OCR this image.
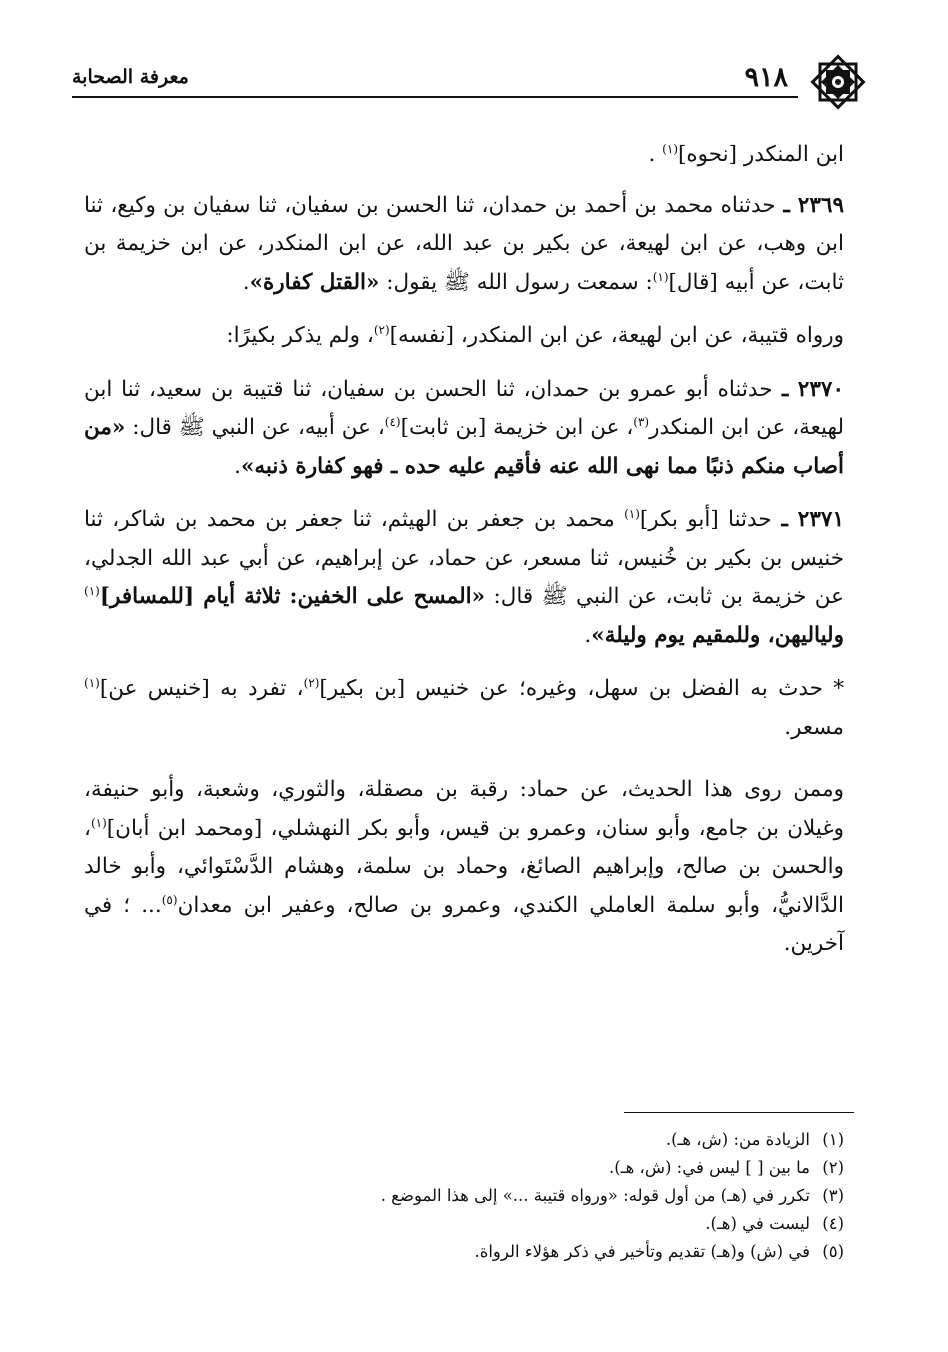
٩١٨
معرفة الصحابة

ابن المنكدر [نحوه]$^{(١)}$ .

٢٣٦٩ ـ حدثناه محمد بن أحمد بن حمدان، ثنا الحسن بن سفيان، ثنا سفيان بن وكيع، ثنا ابن وهب، عن ابن لهيعة، عن بكير بن عبد الله، عن ابن المنكدر، عن ابن خزيمة بن ثابت، عن أبيه [قال]$^{(١)}$: سمعت رسول الله ﷺ يقول: «القتل كفارة».

ورواه قتيبة، عن ابن لهيعة، عن ابن المنكدر، [نفسه]$^{(٢)}$، ولم يذكر بكيرًا:

٢٣٧٠ ـ حدثناه أبو عمرو بن حمدان، ثنا الحسن بن سفيان، ثنا قتيبة بن سعيد، ثنا ابن لهيعة، عن ابن المنكدر$^{(٣)}$، عن ابن خزيمة [بن ثابت]$^{(٤)}$، عن أبيه، عن النبي ﷺ قال: «من أصاب منكم ذنبًا مما نهى الله عنه فأقيم عليه حده ـ فهو كفارة ذنبه».

٢٣٧١ ـ حدثنا [أبو بكر]$^{(١)}$ محمد بن جعفر بن الهيثم، ثنا جعفر بن محمد بن شاكر، ثنا خنيس بن بكير بن خُنيس، ثنا مسعر، عن حماد، عن إبراهيم، عن أبي عبد الله الجدلي، عن خزيمة بن ثابت، عن النبي ﷺ قال: «المسح على الخفين: ثلاثة أيام [للمسافر]$^{(١)}$ ولياليهن، وللمقيم يوم وليلة».

* حدث به الفضل بن سهل، وغيره؛ عن خنيس [بن بكير]$^{(٢)}$، تفرد به [خنيس عن]$^{(١)}$ مسعر.

وممن روى هذا الحديث، عن حماد: رقبة بن مصقلة، والثوري، وشعبة، وأبو حنيفة، وغيلان بن جامع، وأبو سنان، وعمرو بن قيس، وأبو بكر النهشلي، [ومحمد ابن أبان]$^{(١)}$، والحسن بن صالح، وإبراهيم الصائغ، وحماد بن سلمة، وهشام الدَّسْتَوائي، وأبو خالد الدَّالانيُّ، وأبو سلمة العاملي الكندي، وعمرو بن صالح، وعفير ابن معدان$^{(٥)}$... ؛ في آخرين.

(١)الزيادة من: (ش، هـ).
(٢)ما بين [ ] ليس في: (ش، هـ).
(٣)تكرر في (هـ) من أول قوله: «ورواه قتيبة ...» إلى هذا الموضع .
(٤)ليست في (هـ).
(٥)في (ش) و(هـ) تقديم وتأخير في ذكر هؤلاء الرواة.
